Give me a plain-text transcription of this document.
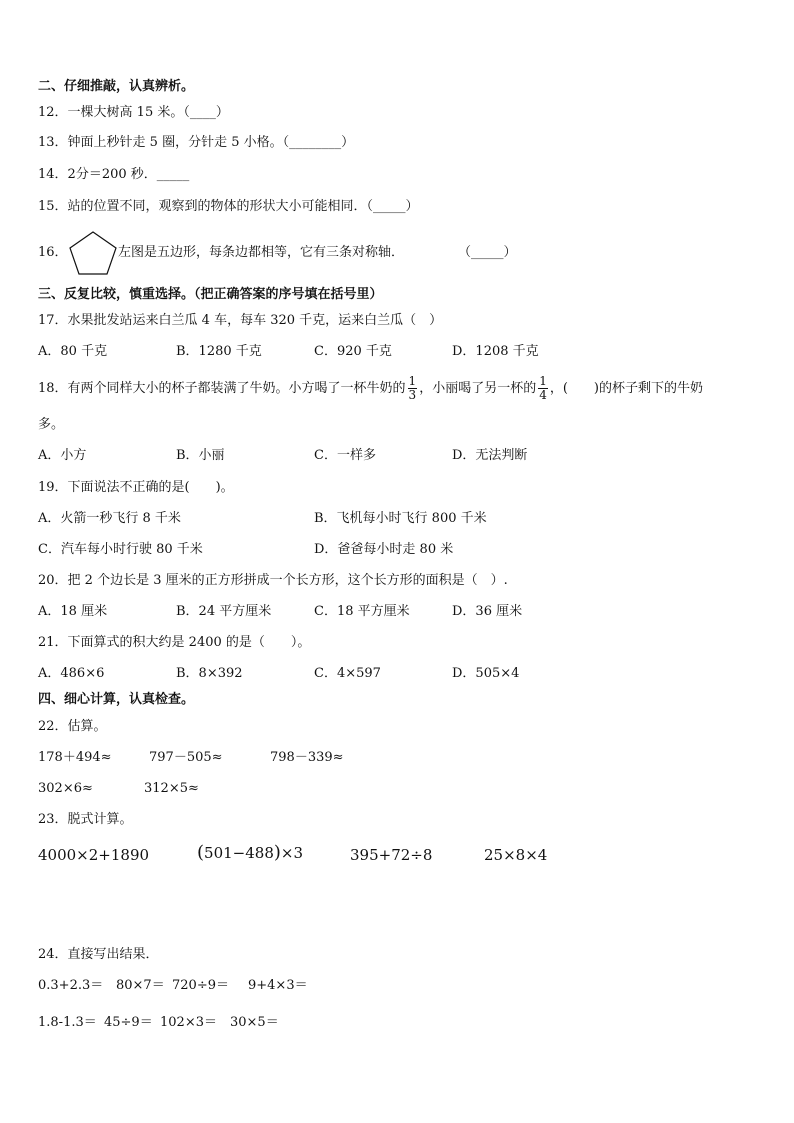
二、仔细推敲，认真辨析。
12．一棵大树高 15 米。（____）
13．钟面上秒针走 5 圈，分针走 5 小格。（________）
14．2分＝200 秒．_____
15．站的位置不同，观察到的物体的形状大小可能相同．（_____）
16．	左图是五边形，每条边都相等，它有三条对称轴．	（_____）
三、反复比较，慎重选择。（把正确答案的序号填在括号里）
17．水果批发站运来白兰瓜 4 车，每车 320 千克，运来白兰瓜（　）
A．80 千克	B．1280 千克	C．920 千克	D．1208 千克
18．有两个同样大小的杯子都装满了牛奶。小方喝了一杯牛奶的 $\frac{1}{3}$ ，小丽喝了另一杯的 $\frac{1}{4}$ ，(　　)的杯子剩下的牛奶
多。
A．小方	B．小丽	C．一样多	D．无法判断
19．下面说法不正确的是(　　)。
A．火箭一秒飞行 8 千米	B．飞机每小时飞行 800 千米
C．汽车每小时行驶 80 千米	D．爸爸每小时走 80 米
20．把 2 个边长是 3 厘米的正方形拼成一个长方形，这个长方形的面积是（　）.
A．18 厘米	B．24 平方厘米	C．18 平方厘米	D．36 厘米
21．下面算式的积大约是 2400 的是（　　）。
A．486×6	B．8×392	C．4×597	D．505×4
四、细心计算，认真检查。
22．估算。
178＋494≈	797－505≈	798－339≈
302×6≈	312×5≈
23．脱式计算。
4000×2+1890	(501−488)×3	395+72÷8	25×8×4
24．直接写出结果．
0.3+2.3＝ 80×7＝ 720÷9＝ 9+4×3＝
1.8-1.3＝ 45÷9＝ 102×3＝ 30×5＝
